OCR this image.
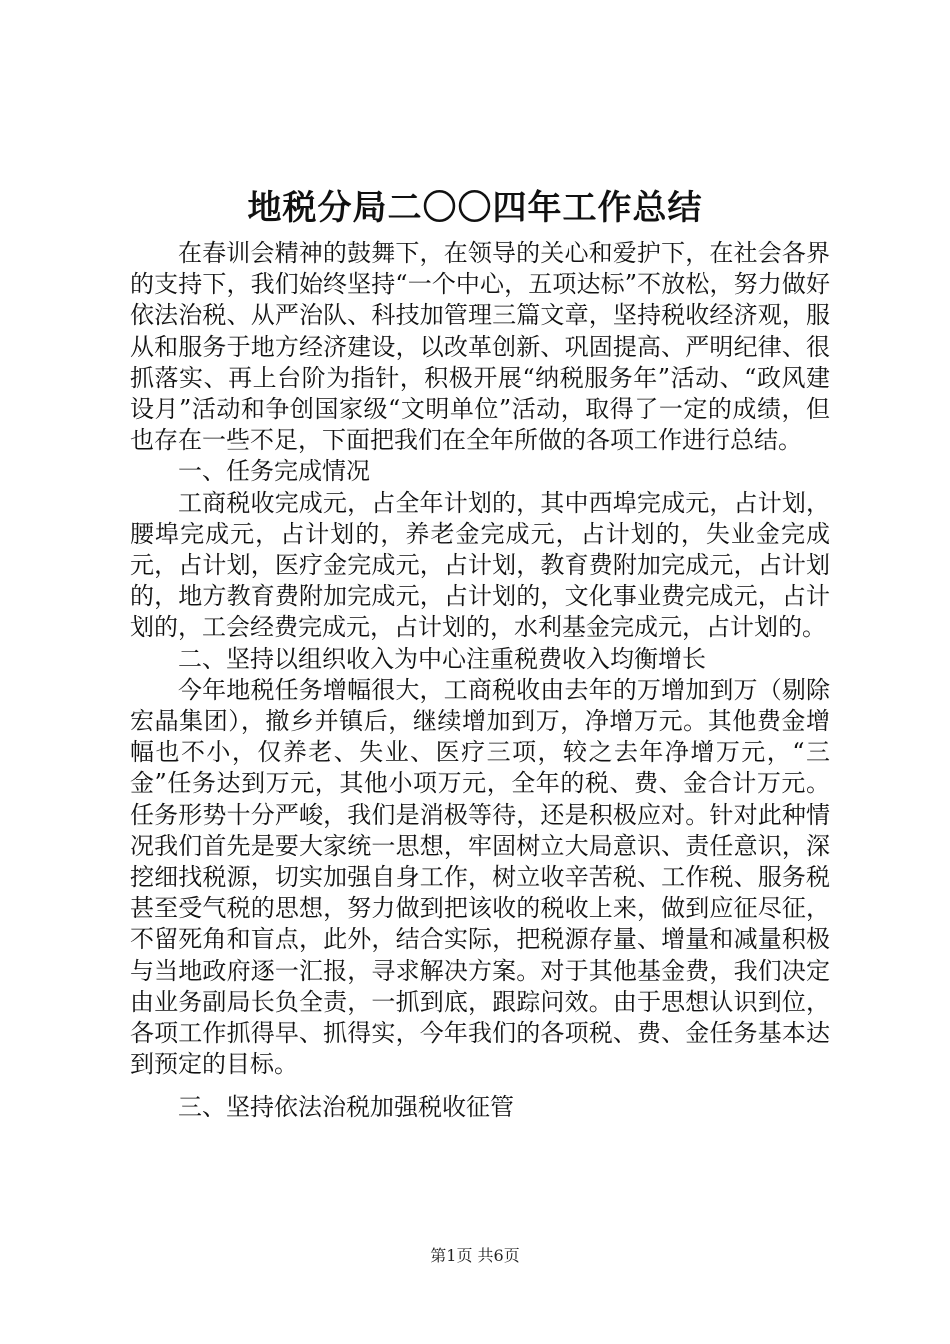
地税分局二〇〇四年工作总结

在春训会精神的鼓舞下，在领导的关心和爱护下，在社会各界的支持下，我们始终坚持“一个中心，五项达标”不放松，努力做好依法治税、从严治队、科技加管理三篇文章，坚持税收经济观，服从和服务于地方经济建设，以改革创新、巩固提高、严明纪律、很抓落实、再上台阶为指针，积极开展“纳税服务年”活动、“政风建设月”活动和争创国家级“文明单位”活动，取得了一定的成绩，但也存在一些不足，下面把我们在全年所做的各项工作进行总结。

一、任务完成情况

工商税收完成元，占全年计划的，其中西埠完成元，占计划，腰埠完成元，占计划的，养老金完成元，占计划的，失业金完成元，占计划，医疗金完成元，占计划，教育费附加完成元，占计划的，地方教育费附加完成元，占计划的，文化事业费完成元，占计划的，工会经费完成元，占计划的，水利基金完成元，占计划的。

二、坚持以组织收入为中心注重税费收入均衡增长

今年地税任务增幅很大，工商税收由去年的万增加到万（剔除宏晶集团），撤乡并镇后，继续增加到万，净增万元。其他费金增幅也不小，仅养老、失业、医疗三项，较之去年净增万元，“三金”任务达到万元，其他小项万元，全年的税、费、金合计万元。任务形势十分严峻，我们是消极等待，还是积极应对。针对此种情况我们首先是要大家统一思想，牢固树立大局意识、责任意识，深挖细找税源，切实加强自身工作，树立收辛苦税、工作税、服务税甚至受气税的思想，努力做到把该收的税收上来，做到应征尽征，不留死角和盲点，此外，结合实际，把税源存量、增量和减量积极与当地政府逐一汇报，寻求解决方案。对于其他基金费，我们决定由业务副局长负全责，一抓到底，跟踪问效。由于思想认识到位，各项工作抓得早、抓得实，今年我们的各项税、费、金任务基本达到预定的目标。

三、坚持依法治税加强税收征管

第1页 共6页
